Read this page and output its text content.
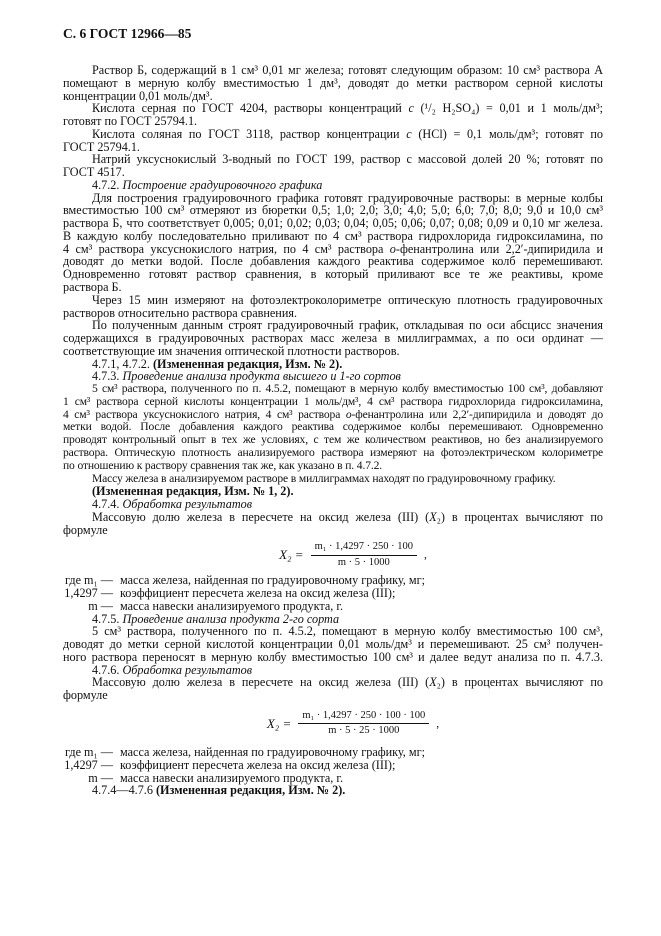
С. 6 ГОСТ 12966—85
Раствор Б, содержащий в 1 см³ 0,01 мг железа; готовят следующим образом: 10 см³ раствора А
помещают в мерную колбу вместимостью 1 дм³, доводят до метки раствором серной кислоты
концентрации 0,01 моль/дм³.
Кислота серная по ГОСТ 4204, растворы концентраций c (¹/₂ H₂SO₄) = 0,01 и 1 моль/дм³;
готовят по ГОСТ 25794.1.
Кислота соляная по ГОСТ 3118, раствор концентрации c (HCl) = 0,1 моль/дм³; готовят по
ГОСТ 25794.1.
Натрий уксуснокислый 3-водный по ГОСТ 199, раствор с массовой долей 20 %; готовят по
ГОСТ 4517.
4.7.2. Построение градуировочного графика
Для построения градуировочного графика готовят градуировочные растворы: в мерные колбы
вместимостью 100 см³ отмеряют из бюретки 0,5; 1,0; 2,0; 3,0; 4,0; 5,0; 6,0; 7,0; 8,0; 9,0 и 10,0 см³
раствора Б, что соответствует 0,005; 0,01; 0,02; 0,03; 0,04; 0,05; 0,06; 0,07; 0,08; 0,09 и 0,10 мг железа.
В каждую колбу последовательно приливают по 4 см³ раствора гидрохлорида гидроксиламина, по
4 см³ раствора уксуснокислого натрия, по 4 см³ раствора о-фенантролина или 2,2′-дипиридила и
доводят до метки водой. После добавления каждого реактива содержимое колб перемешивают.
Одновременно готовят раствор сравнения, в который приливают все те же реактивы, кроме
раствора Б.
Через 15 мин измеряют на фотоэлектроколориметре оптическую плотность градуировочных
растворов относительно раствора сравнения.
По полученным данным строят градуировочный график, откладывая по оси абсцисс значения
содержащихся в градуировочных растворах масс железа в миллиграммах, а по оси ординат —
соответствующие им значения оптической плотности растворов.
4.7.1, 4.7.2. (Измененная редакция, Изм. № 2).
4.7.3. Проведение анализа продукта высшего и 1-го сортов
5 см³ раствора, полученного по п. 4.5.2, помещают в мерную колбу вместимостью 100 см³, добавляют
1 см³ раствора серной кислоты концентрации 1 моль/дм³, 4 см³ раствора гидрохлорида гидроксиламина,
4 см³ раствора уксуснокислого натрия, 4 см³ раствора о-фенантролина или 2,2′-дипиридила и доводят до
метки водой. После добавления каждого реактива содержимое колбы перемешивают. Одновременно
проводят контрольный опыт в тех же условиях, с тем же количеством реактивов, но без анализируемого
раствора. Оптическую плотность анализируемого раствора измеряют на фотоэлектрическом колориметре
по отношению к раствору сравнения так же, как указано в п. 4.7.2.
Массу железа в анализируемом растворе в миллиграммах находят по градуировочному графику.
(Измененная редакция, Изм. № 1, 2).
4.7.4. Обработка результатов
Массовую долю железа в пересчете на оксид железа (III) (X₂) в процентах вычисляют по
формуле
$X_2 = \frac{\text{m₁ · 1,4297 · 250 · 100}}{m \cdot 5 \cdot 1000}$ ,
где m₁ — масса железа, найденная по градуировочному графику, мг;
1,4297 — коэффициент пересчета железа на оксид железа (III);
m — масса навески анализируемого продукта, г.
4.7.5. Проведение анализа продукта 2-го сорта
5 см³ раствора, полученного по п. 4.5.2, помещают в мерную колбу вместимостью 100 см³,
доводят до метки серной кислотой концентрации 0,01 моль/дм³ и перемешивают. 25 см³ получен-
ного раствора переносят в мерную колбу вместимостью 100 см³ и далее ведут анализа по п. 4.7.3.
4.7.6. Обработка результатов
Массовую долю железа в пересчете на оксид железа (III) (X₂) в процентах вычисляют по
формуле
$X_2 = \frac{\text{m₁ · 1,4297 · 250 · 100 · 100}}{m \cdot 5 \cdot 25 \cdot 1000}$ ,
где m₁ — масса железа, найденная по градуировочному графику, мг;
1,4297 — коэффициент пересчета железа на оксид железа (III);
m — масса навески анализируемого продукта, г.
4.7.4—4.7.6 (Измененная редакция, Изм. № 2).
